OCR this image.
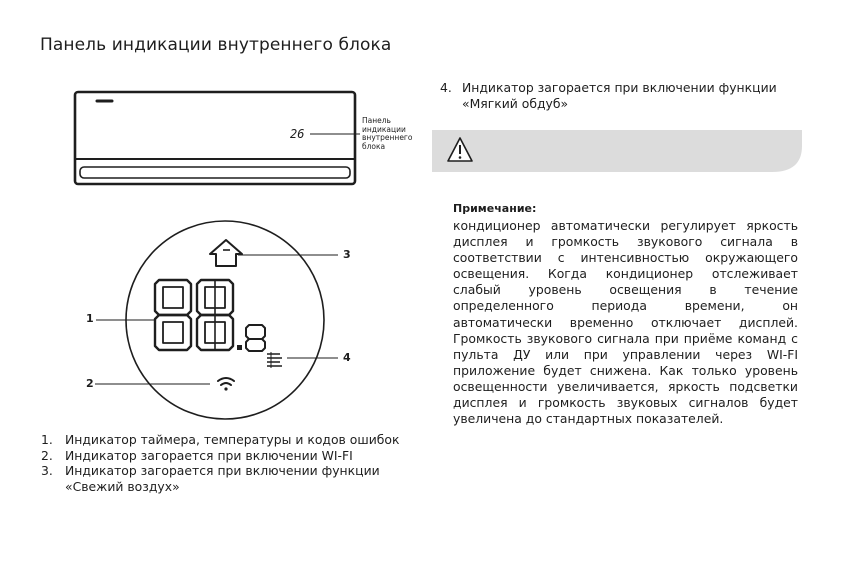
Панель индикации внутреннего блока
26
Панель индикации внутреннего блока
1
2
3
4
1. Индикатор таймера, температуры и кодов ошибок
2. Индикатор загорается при включении WI-FI
3. Индикатор загорается при включении функции «Свежий воздух»
4. Индикатор загорается при включении функции «Мягкий обдуб»
Примечание:
кондиционер автоматически регулирует яркость дисплея и громкость звукового сигнала в соответствии с интенсивностью окружающего освещения. Когда кондиционер отслеживает слабый уровень освещения в течение определенного периода времени, он автоматически временно отключает дисплей. Громкость звукового сигнала при приёме команд с пульта ДУ или при управлении через WI-FI приложение будет снижена. Как только уровень освещенности увеличивается, яркость подсветки дисплея и громкость звуковых сигналов будет увеличена до стандартных показателей.
